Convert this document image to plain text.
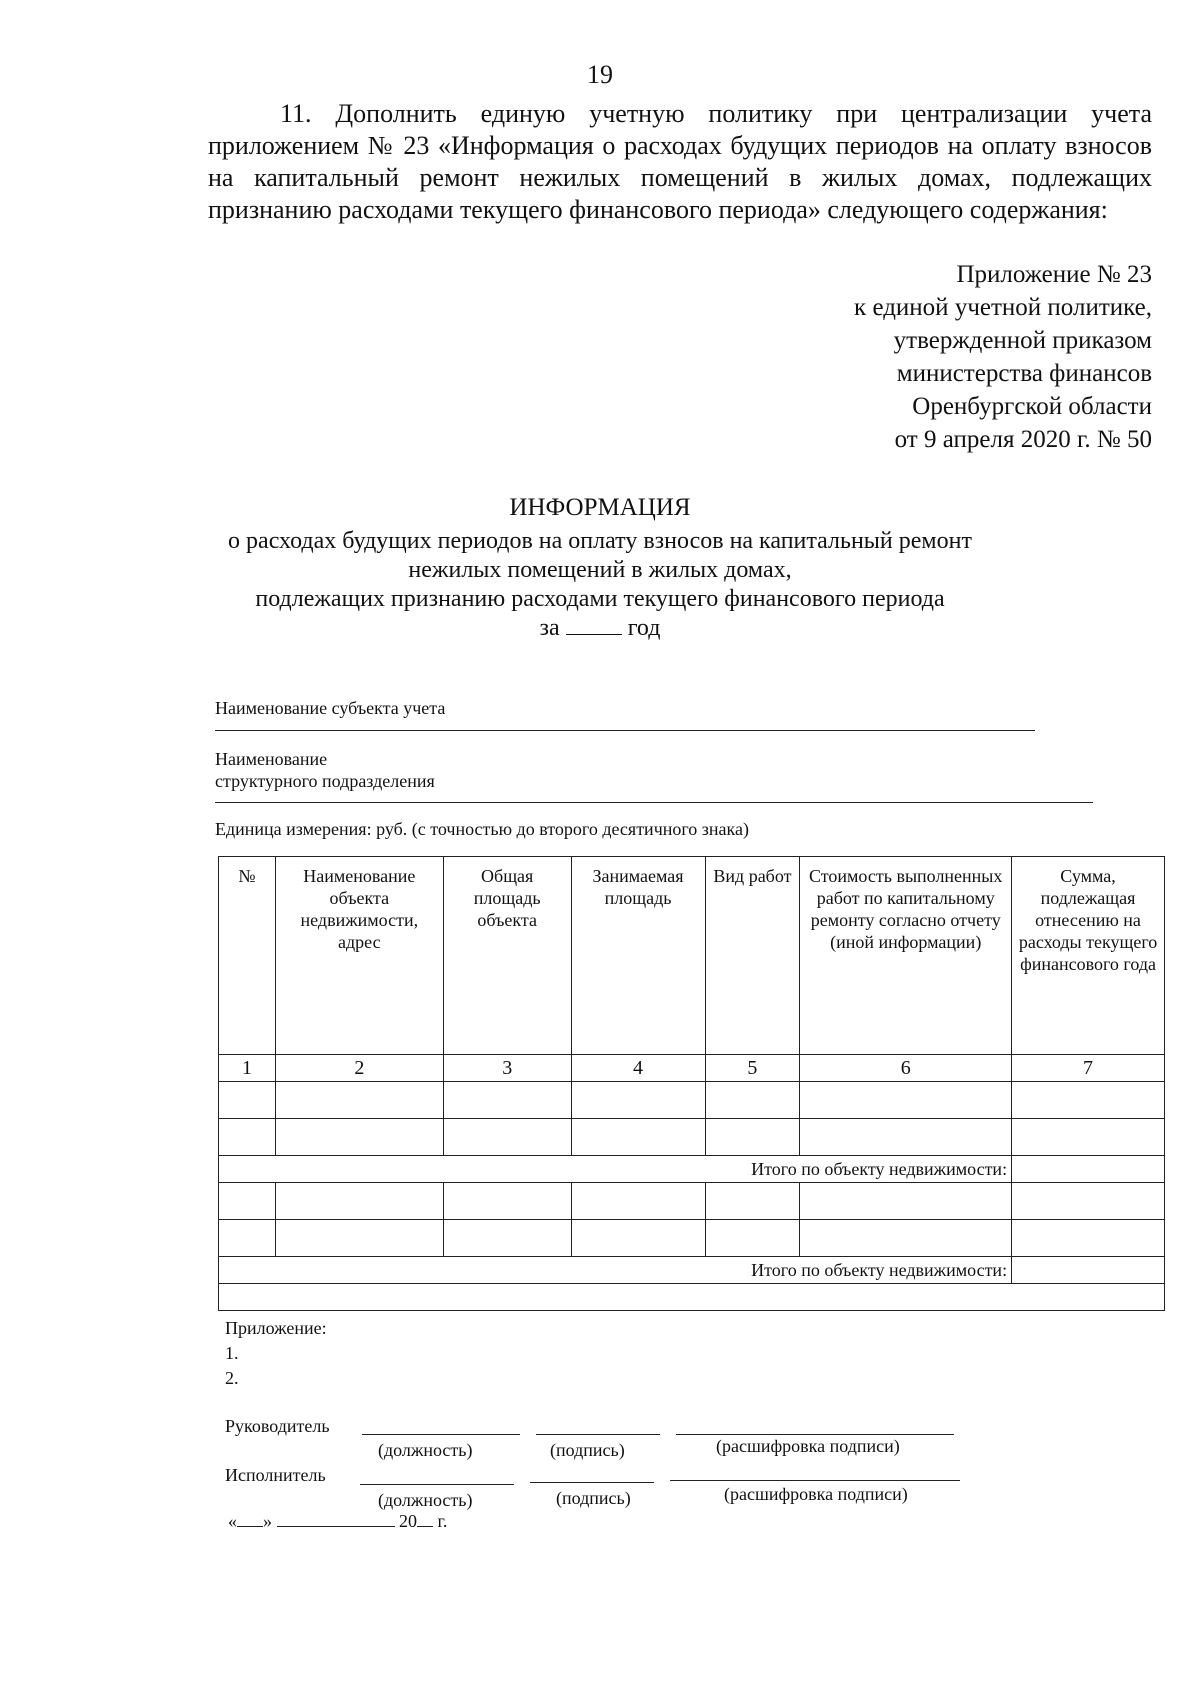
19

11. Дополнить единую учетную политику при централизации учета приложением № 23 «Информация о расходах будущих периодов на оплату взносов на капитальный ремонт нежилых помещений в жилых домах, подлежащих признанию расходами текущего финансового периода» следующего содержания:

Приложение № 23
к единой учетной политике,
утвержденной приказом
министерства финансов
Оренбургской области
от 9 апреля 2020 г. № 50
ИНФОРМАЦИЯ
о расходах будущих периодов на оплату взносов на капитальный ремонт
нежилых помещений в жилых домах,
подлежащих признанию расходами текущего финансового периода
за	год
Наименование субъекта учета
Наименование
структурного подразделения
Единица измерения: руб. (с точностью до второго десятичного знака)
№	Наименование объекта недвижимости, адрес	Общая площадь объекта	Занимаемая площадь	Вид работ	Стоимость выполненных работ по капитальному ремонту согласно отчету (иной информации)	Сумма, подлежащая отнесению на расходы текущего финансового года
1	2	3	4	5	6	7

Итого по объекту недвижимости:						

Итого по объекту недвижимости:						

Приложение:
1.
2.
Руководитель
(должность)	(подпись)	(расшифровка подписи)
Исполнитель
(должность)	(подпись)	(расшифровка подписи)
« »	20 г.
